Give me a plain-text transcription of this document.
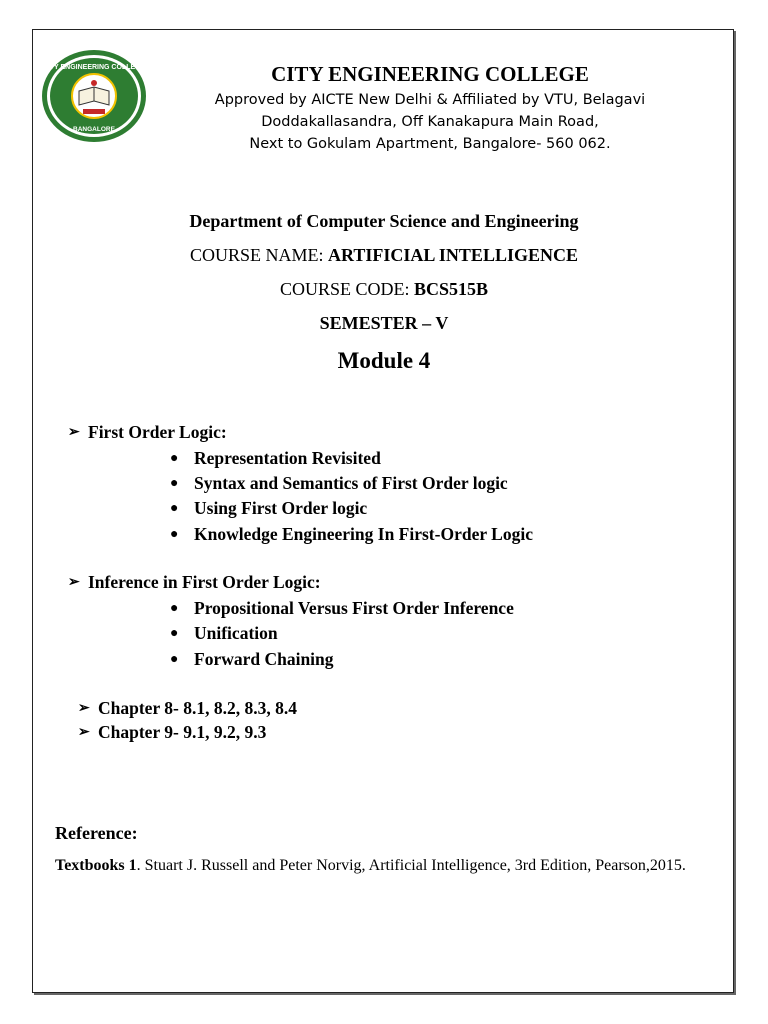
CITY ENGINEERING COLLEGE
BANGALORE
CITY ENGINEERING COLLEGE
Approved by AICTE New Delhi & Affiliated by VTU, Belagavi
Doddakallasandra, Off Kanakapura Main Road,
Next to Gokulam Apartment, Bangalore- 560 062.
Department of Computer Science and Engineering
COURSE NAME: ARTIFICIAL INTELLIGENCE
COURSE CODE: BCS515B
SEMESTER – V
Module 4
➢ First Order Logic:
● Representation Revisited
● Syntax and Semantics of First Order logic
● Using First Order logic
● Knowledge Engineering In First-Order Logic
➢ Inference in First Order Logic:
● Propositional Versus First Order Inference
● Unification
● Forward Chaining
➢ Chapter 8- 8.1, 8.2, 8.3, 8.4
➢ Chapter 9- 9.1, 9.2, 9.3
Reference:
Textbooks 1. Stuart J. Russell and Peter Norvig, Artificial Intelligence, 3rd Edition, Pearson,2015.
